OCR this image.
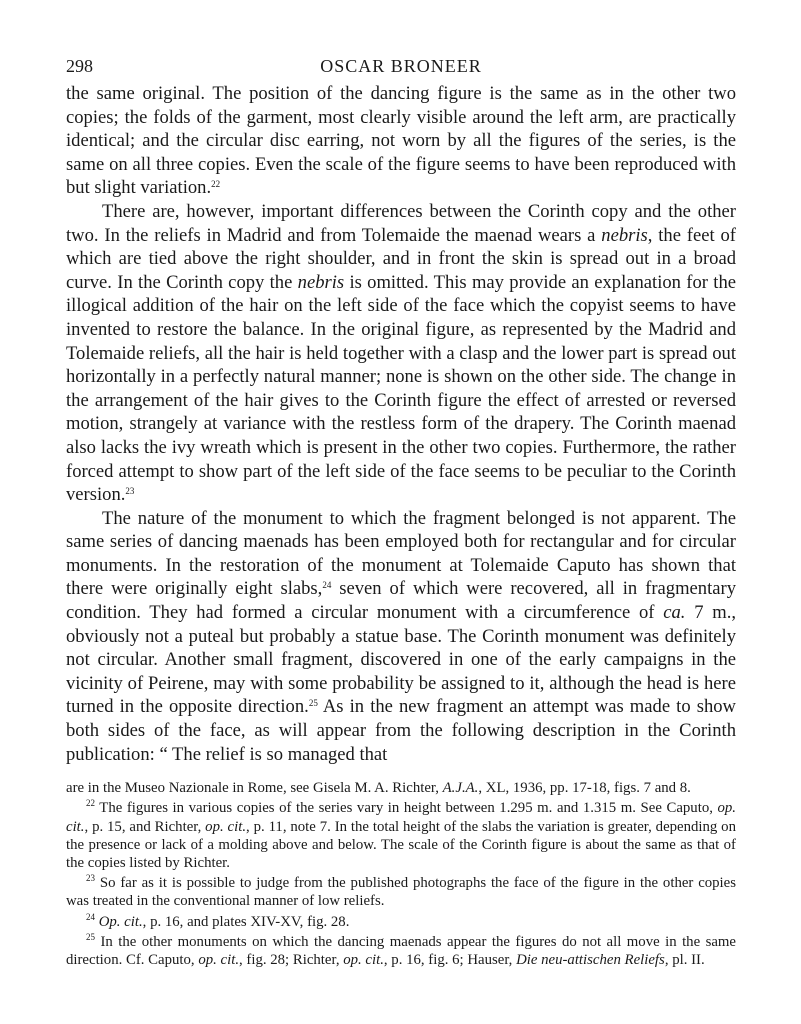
298	OSCAR BRONEER

the same original. The position of the dancing figure is the same as in the other two copies; the folds of the garment, most clearly visible around the left arm, are practically identical; and the circular disc earring, not worn by all the figures of the series, is the same on all three copies. Even the scale of the figure seems to have been reproduced with but slight variation.$^{22}$

There are, however, important differences between the Corinth copy and the other two. In the reliefs in Madrid and from Tolemaide the maenad wears a nebris, the feet of which are tied above the right shoulder, and in front the skin is spread out in a broad curve. In the Corinth copy the nebris is omitted. This may provide an explanation for the illogical addition of the hair on the left side of the face which the copyist seems to have invented to restore the balance. In the original figure, as represented by the Madrid and Tolemaide reliefs, all the hair is held together with a clasp and the lower part is spread out horizontally in a perfectly natural manner; none is shown on the other side. The change in the arrangement of the hair gives to the Corinth figure the effect of arrested or reversed motion, strangely at variance with the restless form of the drapery. The Corinth maenad also lacks the ivy wreath which is present in the other two copies. Furthermore, the rather forced attempt to show part of the left side of the face seems to be peculiar to the Corinth version.$^{23}$

The nature of the monument to which the fragment belonged is not apparent. The same series of dancing maenads has been employed both for rectangular and for circular monuments. In the restoration of the monument at Tolemaide Caputo has shown that there were originally eight slabs,$^{24}$ seven of which were recovered, all in fragmentary condition. They had formed a circular monument with a circumference of ca. 7 m., obviously not a puteal but probably a statue base. The Corinth monument was definitely not circular. Another small fragment, discovered in one of the early campaigns in the vicinity of Peirene, may with some probability be assigned to it, although the head is here turned in the opposite direction.$^{25}$ As in the new fragment an attempt was made to show both sides of the face, as will appear from the following description in the Corinth publication: “ The relief is so managed that

are in the Museo Nazionale in Rome, see Gisela M. A. Richter, A.J.A., XL, 1936, pp. 17-18, figs. 7 and 8.

$^{22}$ The figures in various copies of the series vary in height between 1.295 m. and 1.315 m. See Caputo, op. cit., p. 15, and Richter, op. cit., p. 11, note 7. In the total height of the slabs the variation is greater, depending on the presence or lack of a molding above and below. The scale of the Corinth figure is about the same as that of the copies listed by Richter.

$^{23}$ So far as it is possible to judge from the published photographs the face of the figure in the other copies was treated in the conventional manner of low reliefs.

$^{24}$ Op. cit., p. 16, and plates XIV-XV, fig. 28.

$^{25}$ In the other monuments on which the dancing maenads appear the figures do not all move in the same direction. Cf. Caputo, op. cit., fig. 28; Richter, op. cit., p. 16, fig. 6; Hauser, Die neu-attischen Reliefs, pl. II.
